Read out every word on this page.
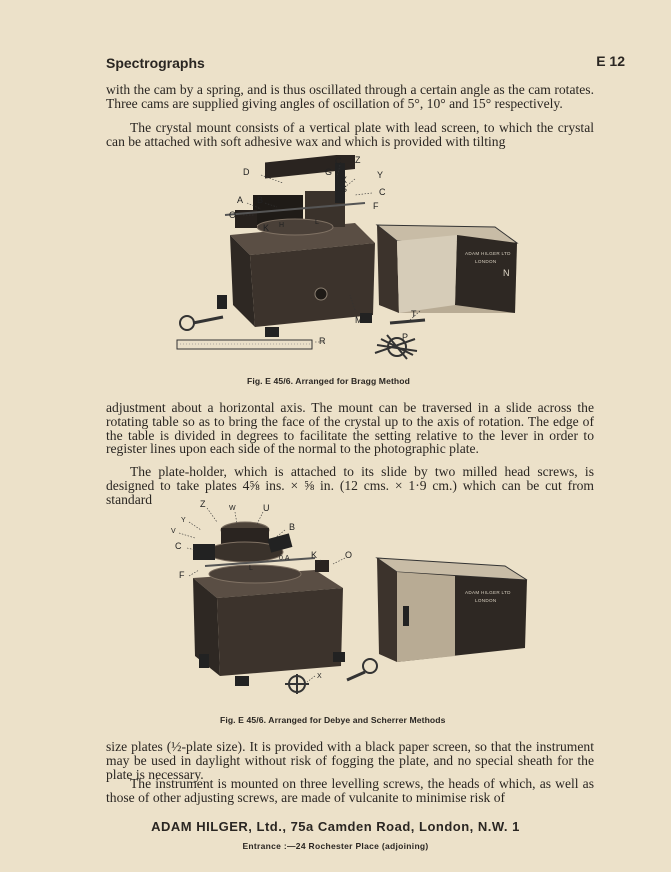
Spectrographs	E 12

with the cam by a spring, and is thus oscillated through a certain angle as the cam rotates. Three cams are supplied giving angles of oscillation of 5°, 10° and 15° respectively.

The crystal mount consists of a vertical plate with lead screen, to which the crystal can be attached with soft adhesive wax and which is provided with tilting

ADAM HILGER LTD
LONDON
D
A B
O
K H	L
C Z
G
X
S
Y
C
F
N
M
T
P
R
Fig. E 45/6. Arranged for Bragg Method

adjustment about a horizontal axis. The mount can be traversed in a slide across the rotating table so as to bring the face of the crystal up to the axis of rotation. The edge of the table is divided in degrees to facilitate the setting relative to the lever in order to register lines upon each side of the normal to the photographic plate.

The plate-holder, which is attached to its slide by two milled head screws, is designed to take plates 4⅝ ins. × ⅝ in. (12 cms. × 1·9 cm.) which can be cut from standard

ADAM HILGER LTD
LONDON
Z	W	U
Y
V	B
C
L
0.A K	O
F
X
Fig. E 45/6. Arranged for Debye and Scherrer Methods

size plates (½-plate size). It is provided with a black paper screen, so that the instrument may be used in daylight without risk of fogging the plate, and no special sheath for the plate is necessary.

The instrument is mounted on three levelling screws, the heads of which, as well as those of other adjusting screws, are made of vulcanite to minimise risk of

ADAM HILGER, Ltd., 75a Camden Road, London, N.W. 1
Entrance :—24 Rochester Place (adjoining)
